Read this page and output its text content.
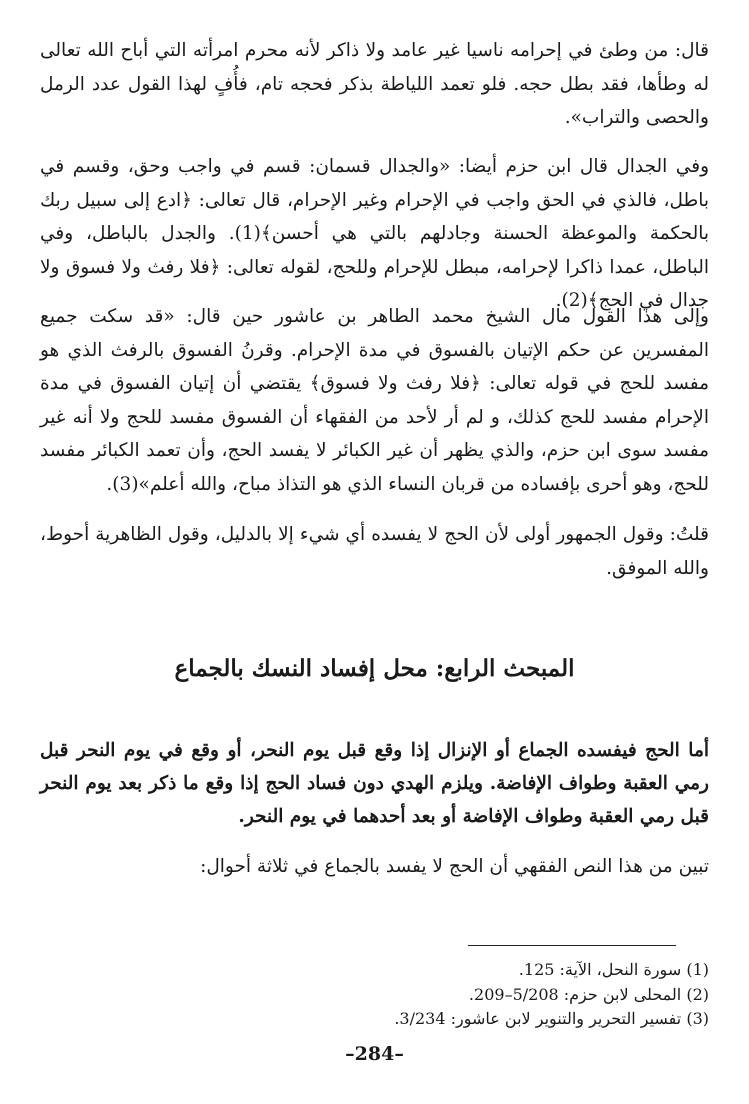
قال: من وطئ في إحرامه ناسيا غير عامد ولا ذاكر لأنه محرم امرأته التي أباح الله تعالى له وطأها، فقد بطل حجه. فلو تعمد اللياطة بذكر فحجه تام، فأُفٍ لهذا القول عدد الرمل والحصى والتراب».

وفي الجدال قال ابن حزم أيضا: «والجدال قسمان: قسم في واجب وحق، وقسم في باطل، فالذي في الحق واجب في الإحرام وغير الإحرام، قال تعالى: ﴿ادع إلى سبيل ربك بالحكمة والموعظة الحسنة وجادلهم بالتي هي أحسن﴾(1). والجدل بالباطل، وفي الباطل، عمدا ذاكرا لإحرامه، مبطل للإحرام وللحج، لقوله تعالى: ﴿فلا رفث ولا فسوق ولا جدال في الحج﴾(2).

وإلى هذا القول مال الشيخ محمد الطاهر بن عاشور حين قال: «قد سكت جميع المفسرين عن حكم الإتيان بالفسوق في مدة الإحرام. وقرنُ الفسوق بالرفث الذي هو مفسد للحج في قوله تعالى: ﴿فلا رفث ولا فسوق﴾ يقتضي أن إتيان الفسوق في مدة الإحرام مفسد للحج كذلك، و لم أر لأحد من الفقهاء أن الفسوق مفسد للحج ولا أنه غير مفسد سوى ابن حزم، والذي يظهر أن غير الكبائر لا يفسد الحج، وأن تعمد الكبائر مفسد للحج، وهو أحرى بإفساده من قربان النساء الذي هو التذاذ مباح، والله أعلم»(3).

قلتُ: وقول الجمهور أولى لأن الحج لا يفسده أي شيء إلا بالدليل، وقول الظاهرية أحوط، والله الموفق.

المبحث الرابع: محل إفساد النسك بالجماع

أما الحج فيفسده الجماع أو الإنزال إذا وقع قبل يوم النحر، أو وقع في يوم النحر قبل رمي العقبة وطواف الإفاضة. ويلزم الهدي دون فساد الحج إذا وقع ما ذكر بعد يوم النحر قبل رمي العقبة وطواف الإفاضة أو بعد أحدهما في يوم النحر.

تبين من هذا النص الفقهي أن الحج لا يفسد بالجماع في ثلاثة أحوال:

(1) سورة النحل، الآية: 125.
(2) المحلى لابن حزم: 5/208–209.
(3) تفسير التحرير والتنوير لابن عاشور: 3/234.
–284–
